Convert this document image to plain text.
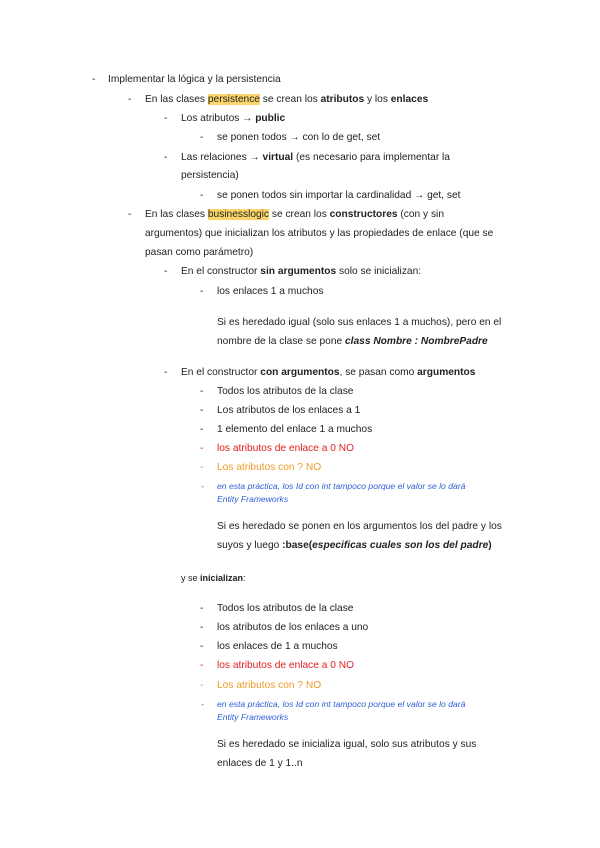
- Implementar la lógica y la persistencia
- En las clases persistence se crean los atributos y los enlaces
- Los atributos → public
- se ponen todos → con lo de get, set
- Las relaciones → virtual (es necesario para implementar la
persistencia)
- se ponen todos sin importar la cardinalidad → get, set
- En las clases businesslogic se crean los constructores (con y sin
argumentos) que inicializan los atributos y las propiedades de enlace (que se
pasan como parámetro)
- En el constructor sin argumentos solo se inicializan:
- los enlaces 1 a muchos
Si es heredado igual (solo sus enlaces 1 a muchos), pero en el
nombre de la clase se pone class Nombre : NombrePadre
- En el constructor con argumentos, se pasan como argumentos
- Todos los atributos de la clase
- Los atributos de los enlaces a 1
- 1 elemento del enlace 1 a muchos
- los atributos de enlace a 0 NO
- Los atributos con ? NO
- en esta práctica, los Id con int tampoco porque el valor se lo dará
Entity Frameworks
Si es heredado se ponen en los argumentos los del padre y los
suyos y luego :base(especificas cuales son los del padre)
y se inicializan:
- Todos los atributos de la clase
- los atributos de los enlaces a uno
- los enlaces de 1 a muchos
- los atributos de enlace a 0 NO
- Los atributos con ? NO
- en esta práctica, los Id con int tampoco porque el valor se lo dará
Entity Frameworks
Si es heredado se inicializa igual, solo sus atributos y sus
enlaces de 1 y 1..n
